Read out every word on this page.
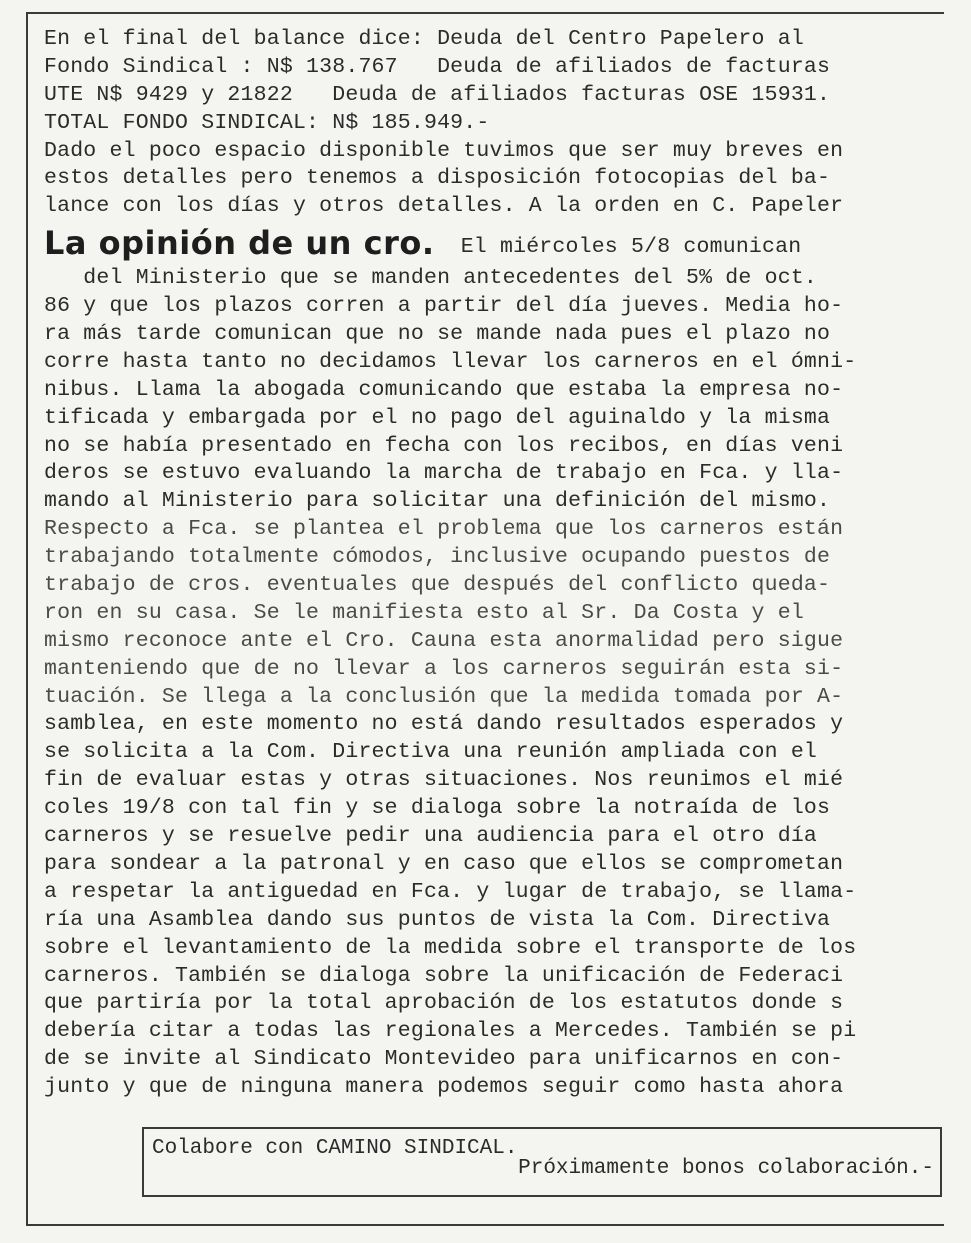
En el final del balance dice: Deuda del Centro Papelero al
Fondo Sindical : N$ 138.767   Deuda de afiliados de facturas
UTE N$ 9429 y 21822   Deuda de afiliados facturas OSE 15931.
TOTAL FONDO SINDICAL: N$ 185.949.-
Dado el poco espacio disponible tuvimos que ser muy breves en
estos detalles pero tenemos a disposición fotocopias del ba-
lance con los días y otros detalles. A la orden en C. Papeler
La opinión de un cro.  El miércoles 5/8 comunican
del Ministerio que se manden antecedentes del 5% de oct.
86 y que los plazos corren a partir del día jueves. Media ho-
ra más tarde comunican que no se mande nada pues el plazo no
corre hasta tanto no decidamos llevar los carneros en el ómni-
nibus. Llama la abogada comunicando que estaba la empresa no-
tificada y embargada por el no pago del aguinaldo y la misma
no se había presentado en fecha con los recibos, en días veni
deros se estuvo evaluando la marcha de trabajo en Fca. y lla-
mando al Ministerio para solicitar una definición del mismo.
Respecto a Fca. se plantea el problema que los carneros están
trabajando totalmente cómodos, inclusive ocupando puestos de
trabajo de cros. eventuales que después del conflicto queda-
ron en su casa. Se le manifiesta esto al Sr. Da Costa y el
mismo reconoce ante el Cro. Cauna esta anormalidad pero sigue
manteniendo que de no llevar a los carneros seguirán esta si-
tuación. Se llega a la conclusión que la medida tomada por A-
samblea, en este momento no está dando resultados esperados y
se solicita a la Com. Directiva una reunión ampliada con el
fin de evaluar estas y otras situaciones. Nos reunimos el mié
coles 19/8 con tal fin y se dialoga sobre la notraída de los
carneros y se resuelve pedir una audiencia para el otro día
para sondear a la patronal y en caso que ellos se comprometan
a respetar la antiguedad en Fca. y lugar de trabajo, se llama-
ría una Asamblea dando sus puntos de vista la Com. Directiva
sobre el levantamiento de la medida sobre el transporte de los
carneros. También se dialoga sobre la unificación de Federaci
que partiría por la total aprobación de los estatutos donde s
debería citar a todas las regionales a Mercedes. También se pi
de se invite al Sindicato Montevideo para unificarnos en con-
junto y que de ninguna manera podemos seguir como hasta ahora
Colabore con CAMINO SINDICAL.
Próximamente bonos colaboración.-
